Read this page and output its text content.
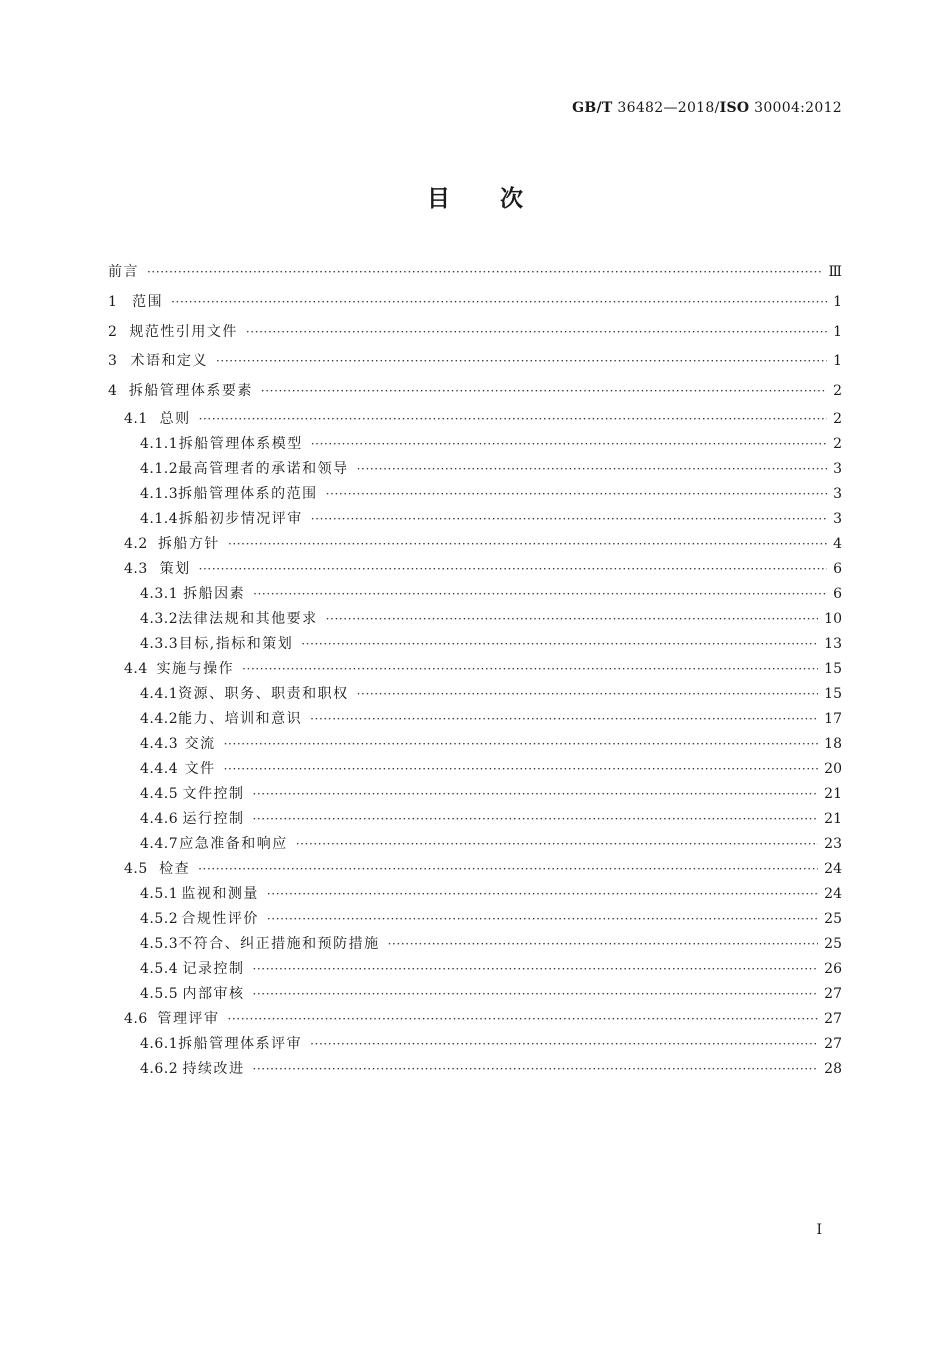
GB/T 36482—2018/ISO 30004:2012
目次
前言 ·····	Ⅲ
1	范围 ·····	1
2 规范性引用文件 ·····	1
3 术语和定义 ·····	1
4 拆船管理体系要素 ·····	2
4.1 总则 ·····	2
4.1.1 拆船管理体系模型 ·····	2
4.1.2 最高管理者的承诺和领导 ·····	3
4.1.3 拆船管理体系的范围 ·····	3
4.1.4 拆船初步情况评审 ·····	3
4.2 拆船方针 ·····	4
4.3 策划 ·····	6
4.3.1 拆船因素 ·····	6
4.3.2 法律法规和其他要求 ·····	10
4.3.3 目标,指标和策划 ·····	13
4.4 实施与操作 ·····	15
4.4.1 资源、职务、职责和职权 ·····	15
4.4.2 能力、培训和意识 ·····	17
4.4.3 交流 ·····	18
4.4.4 文件 ·····	20
4.4.5 文件控制 ·····	21
4.4.6 运行控制 ·····	21
4.4.7 应急准备和响应 ·····	23
4.5 检查 ·····	24
4.5.1 监视和测量 ·····	24
4.5.2 合规性评价 ·····	25
4.5.3 不符合、纠正措施和预防措施 ·····	25
4.5.4 记录控制 ·····	26
4.5.5 内部审核 ·····	27
4.6 管理评审 ·····	27
4.6.1 拆船管理体系评审 ·····	27
4.6.2 持续改进 ·····	28
I
